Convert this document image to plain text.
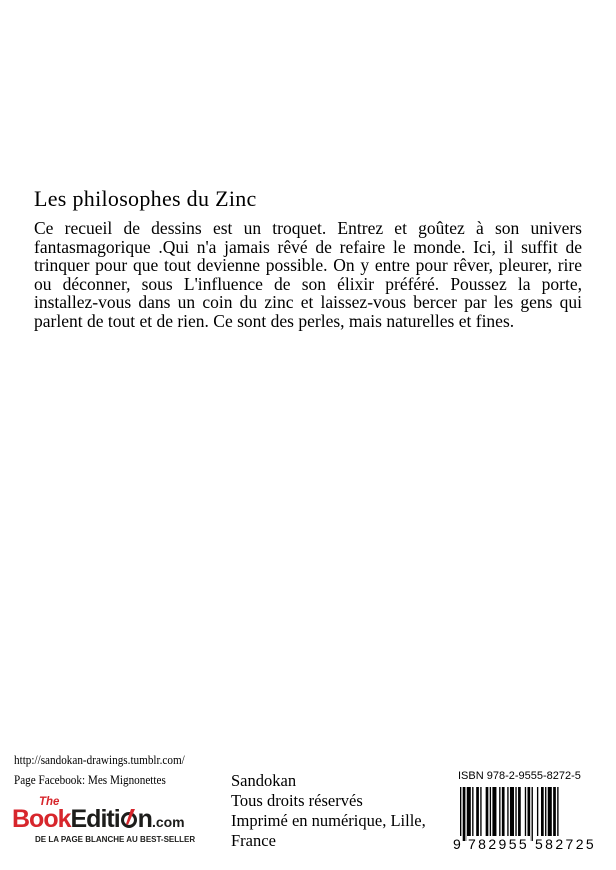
Les philosophes du Zinc

Ce recueil de dessins est un troquet. Entrez et goûtez à son univers fantasmagorique .Qui n'a jamais rêvé de refaire le monde. Ici, il suffit de trinquer pour que tout devienne possible. On y entre pour rêver, pleurer, rire ou déconner, sous L'influence de son élixir préféré. Poussez la porte, installez-vous dans un coin du zinc et laissez-vous bercer par les gens qui parlent de tout et de rien. Ce sont des perles, mais naturelles et fines.

http://sandokan-drawings.tumblr.com/
Page Facebook: Mes Mignonettes
The
BookEditi n.com
DE LA PAGE BLANCHE AU BEST-SELLER
Sandokan
Tous droits réservés
Imprimé en numérique, Lille,
France
ISBN 978-2-9555-8272-5
9 782955 582725
